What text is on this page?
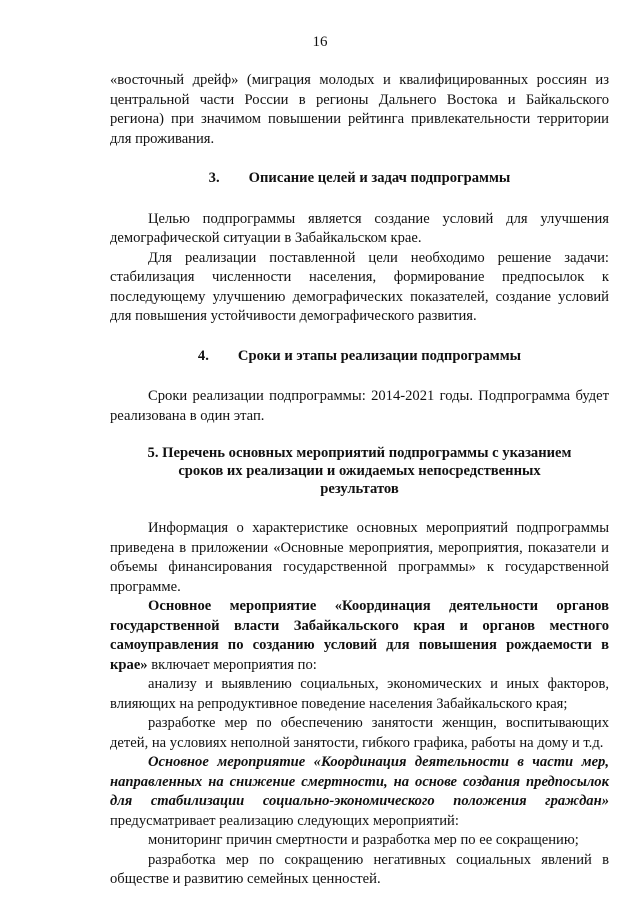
16

«восточный дрейф» (миграция молодых и квалифицированных россиян из центральной части России в регионы Дальнего Востока и Байкальского региона) при значимом повышении рейтинга привлекательности территории для проживания.

3. Описание целей и задач подпрограммы

Целью подпрограммы является создание условий для улучшения демографической ситуации в Забайкальском крае.

Для реализации поставленной цели необходимо решение задачи: стабилизация численности населения, формирование предпосылок к последующему улучшению демографических показателей, создание условий для повышения устойчивости демографического развития.

4. Сроки и этапы реализации подпрограммы

Сроки реализации подпрограммы: 2014-2021 годы. Подпрограмма будет реализована в один этап.

5. Перечень основных мероприятий подпрограммы с указанием
сроков их реализации и ожидаемых непосредственных
результатов

Информация о характеристике основных мероприятий подпрограммы приведена в приложении «Основные мероприятия, мероприятия, показатели и объемы финансирования государственной программы» к государственной программе.

Основное мероприятие «Координация деятельности органов государственной власти Забайкальского края и органов местного самоуправления по созданию условий для повышения рождаемости в крае» включает мероприятия по:

анализу и выявлению социальных, экономических и иных факторов, влияющих на репродуктивное поведение населения Забайкальского края;

разработке мер по обеспечению занятости женщин, воспитывающих детей, на условиях неполной занятости, гибкого графика, работы на дому и т.д.

Основное мероприятие «Координация деятельности в части мер, направленных на снижение смертности, на основе создания предпосылок для стабилизации социально-экономического положения граждан» предусматривает реализацию следующих мероприятий:

мониторинг причин смертности и разработка мер по ее сокращению;

разработка мер по сокращению негативных социальных явлений в обществе и развитию семейных ценностей.
